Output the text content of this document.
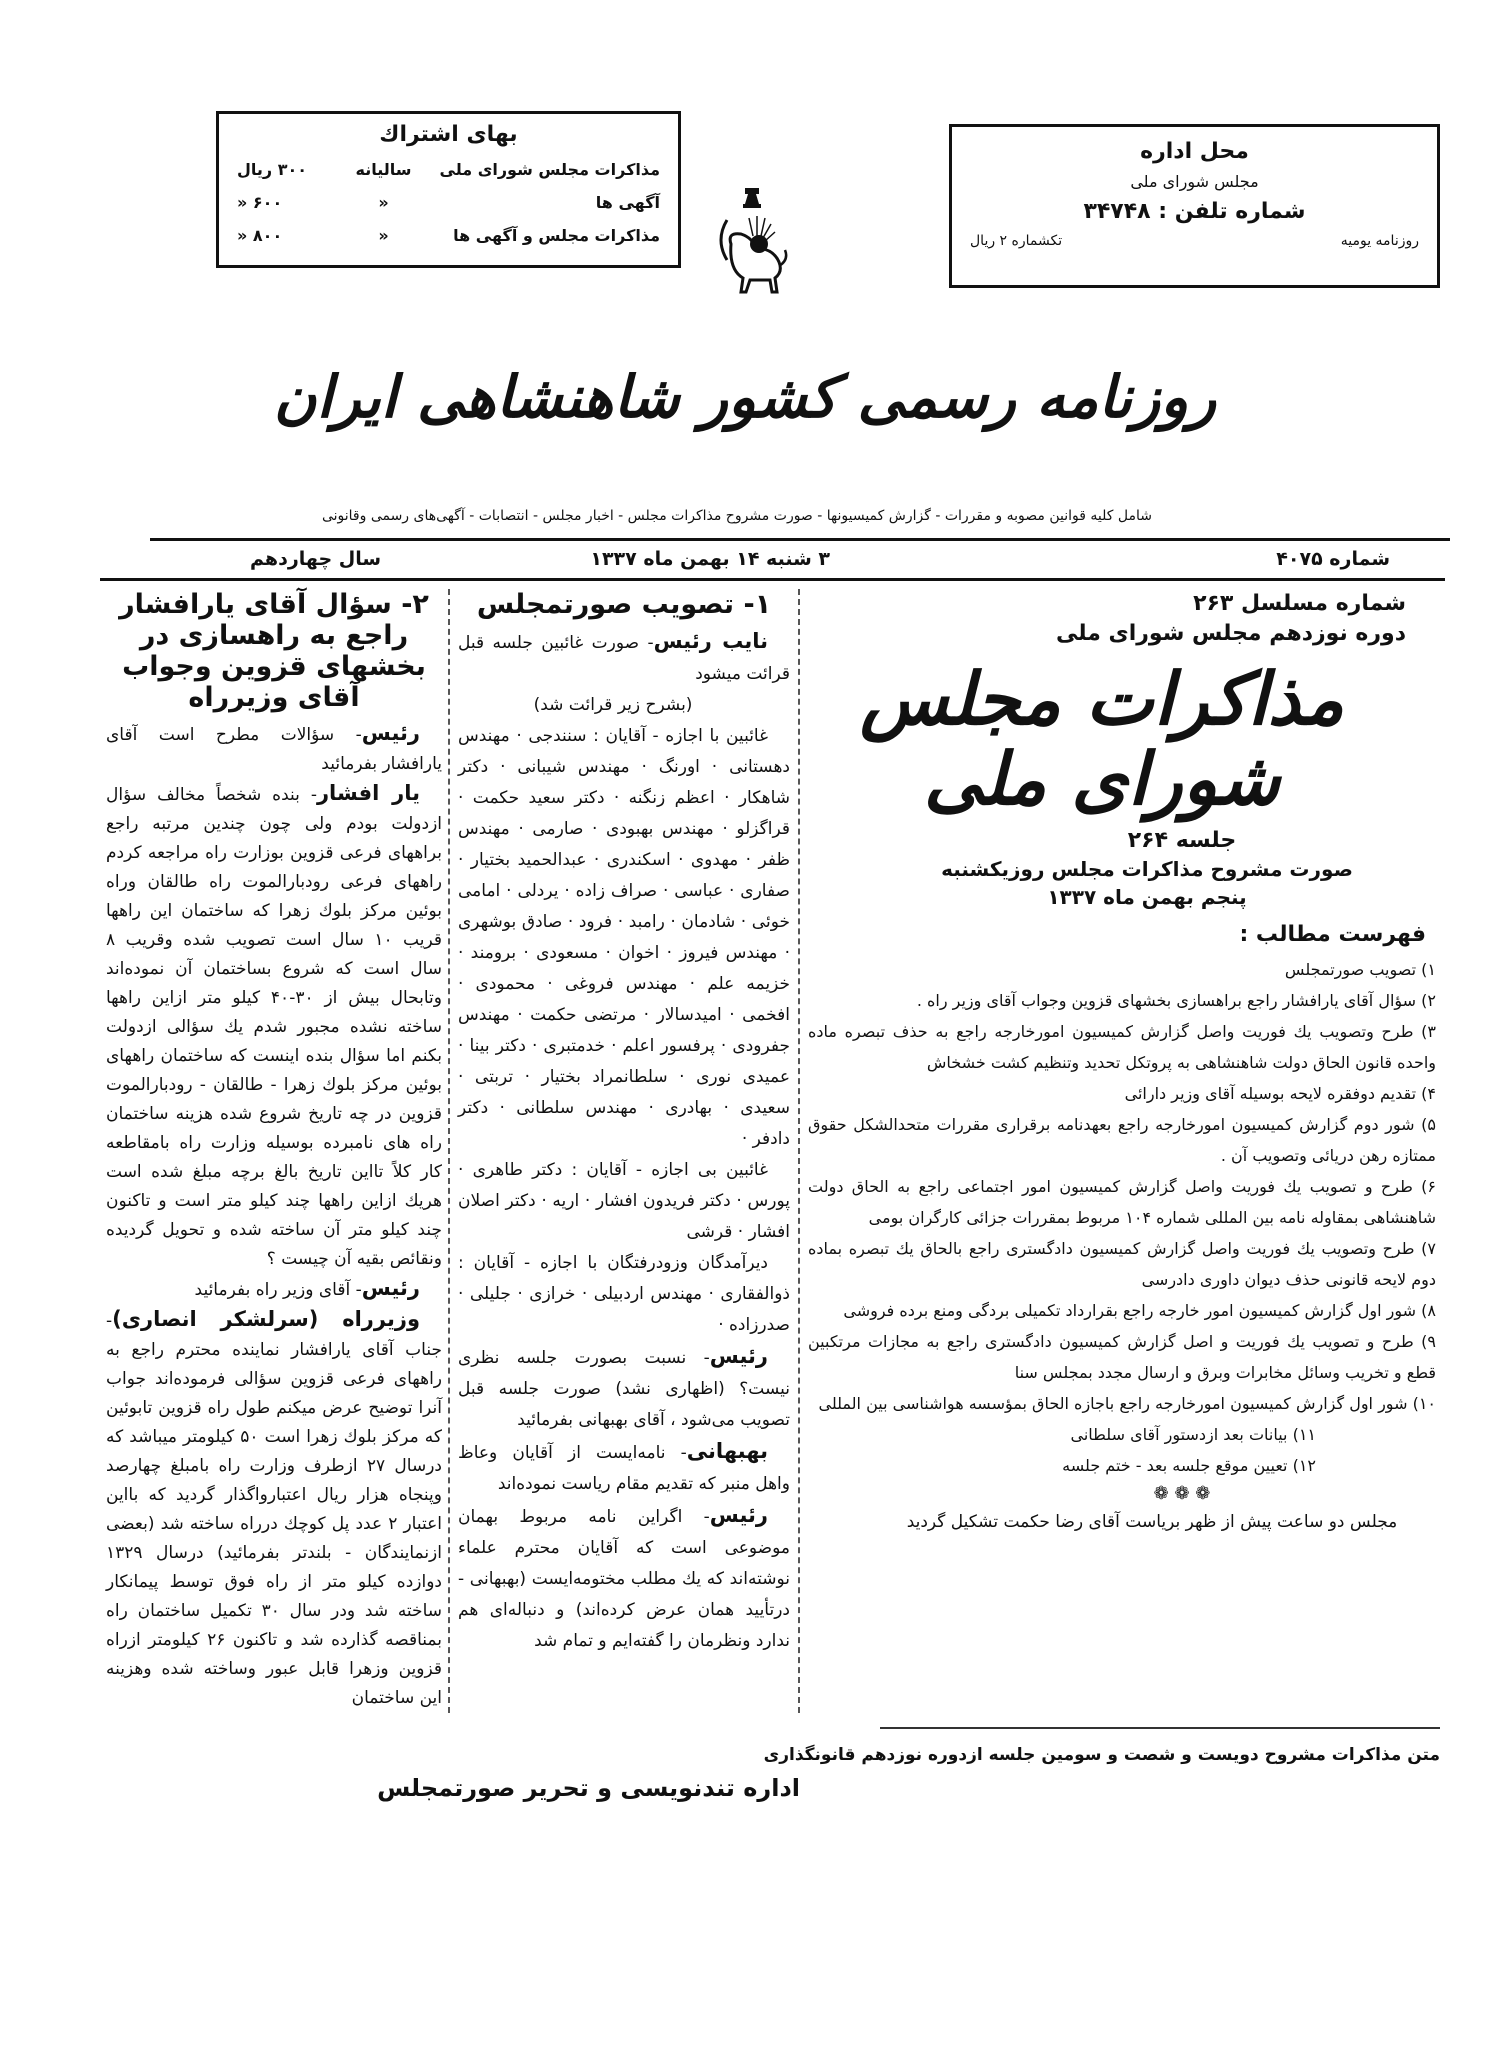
بهای اشتراك
مذاکرات مجلس شورای ملی
سالیانه
۳۰۰ ریال
آگهی ها
«
۶۰۰ «
مذاکرات مجلس و آگهی ها
«
۸۰۰ «
محل اداره
مجلس شورای ملی
شماره تلفن : ۳۴۷۴۸
روزنامه یومیه
تکشماره ۲ ریال
روزنامه رسمی کشور شاهنشاهی ایران
شامل کلیه قوانین مصوبه و مقررات - گزارش کمیسیونها - صورت مشروح مذاکرات مجلس - اخبار مجلس - انتصابات - آگهی‌های رسمی وقانونی
شماره ۴۰۷۵
۳ شنبه ۱۴ بهمن ماه ۱۳۳۷
سال چهاردهم
شماره مسلسل ۲۶۳
دوره نوزدهم مجلس شورای ملی
مذاکرات مجلس شورای ملی
جلسه ۲۶۴
صورت مشروح مذاکرات مجلس روزیکشنبه پنجم بهمن ماه ۱۳۳۷
فهرست مطالب :

۱) تصویب صورتمجلس

۲) سؤال آقای یارافشار راجع براهسازی بخشهای قزوین وجواب آقای وزیر راه .

۳) طرح وتصویب یك فوریت واصل گزارش کمیسیون امورخارجه راجع به حذف تبصره ماده واحده قانون الحاق دولت شاهنشاهی به پروتکل تحدید وتنظیم کشت خشخاش

۴) تقدیم دوفقره لایحه بوسیله آقای وزیر دارائی

۵) شور دوم گزارش کمیسیون امورخارجه راجع بعهدنامه برقراری مقررات متحدالشکل حقوق ممتازه رهن دریائی وتصویب آن .

۶) طرح و تصویب یك فوریت واصل گزارش کمیسیون امور اجتماعی راجع به الحاق دولت شاهنشاهی بمقاوله نامه بین المللی شماره ۱۰۴ مربوط بمقررات جزائی کارگران بومی

۷) طرح وتصویب یك فوریت واصل گزارش کمیسیون دادگستری راجع بالحاق یك تبصره بماده دوم لایحه قانونی حذف دیوان داوری دادرسی

۸) شور اول گزارش کمیسیون امور خارجه راجع بقرارداد تکمیلی بردگی ومنع برده فروشی

۹) طرح و تصویب یك فوریت و اصل گزارش کمیسیون دادگستری راجع به مجازات مرتکبین قطع و تخریب وسائل مخابرات وبرق و ارسال مجدد بمجلس سنا

۱۰) شور اول گزارش کمیسیون امورخارجه راجع باجازه الحاق بمؤسسه هواشناسی بین المللی

۱۱) بیانات بعد ازدستور آقای سلطانی

۱۲) تعیین موقع جلسه بعد - ختم جلسه

❁ ❁ ❁
مجلس دو ساعت پیش از ظهر بریاست آقای رضا حکمت تشکیل گردید
۱- تصویب صورتمجلس

نایب رئیس- صورت غائبین جلسه قبل قرائت میشود

(بشرح زیر قرائت شد)

غائبین با اجازه - آقایان : سنندجی · مهندس دهستانی · اورنگ · مهندس شیبانی · دکتر شاهکار · اعظم زنگنه · دکتر سعید حکمت · قراگزلو · مهندس بهبودی · صارمی · مهندس ظفر · مهدوی · اسکندری · عبدالحمید بختیار · صفاری · عباسی · صراف زاده · یردلی · امامی خوئی · شادمان · رامبد · فرود · صادق بوشهری · مهندس فیروز · اخوان · مسعودی · برومند · خزیمه علم · مهندس فروغی · محمودی · افخمی · امیدسالار · مرتضی حکمت · مهندس جفرودی · پرفسور اعلم · خدمتبری · دکتر بینا · عمیدی نوری · سلطانمراد بختیار · تربتی · سعیدی · بهادری · مهندس سلطانی · دکتر دادفر ·

غائبین بی اجازه - آقایان : دکتر طاهری · پورس · دکتر فریدون افشار · اریه · دکتر اصلان افشار · قرشی

دیرآمدگان وزودرفتگان با اجازه - آقایان : ذوالفقاری · مهندس اردبیلی · خرازی · جلیلی · صدرزاده ·

رئیس- نسبت بصورت جلسه نظری نیست؟ (اظهاری نشد) صورت جلسه قبل تصویب می‌شود ، آقای بهبهانی بفرمائید

بهبهانی- نامه‌ایست از آقایان وعاظ واهل منبر که تقدیم مقام ریاست نموده‌اند

رئیس- اگراین نامه مربوط بهمان موضوعی است که آقایان محترم علماء نوشته‌اند که یك مطلب مختومه‌ایست (بهبهانی - درتأیید همان عرض کرده‌اند) و دنباله‌ای هم ندارد ونظرمان را گفته‌ایم و تمام شد

۲- سؤال آقای یارافشار راجع به راهسازی در بخشهای قزوین وجواب آقای وزیرراه

رئیس- سؤالات مطرح است آقای یارافشار بفرمائید

یار افشار- بنده شخصاً مخالف سؤال ازدولت بودم ولی چون چندین مرتبه راجع براههای فرعی قزوین بوزارت راه مراجعه کردم راههای فرعی رودبارالموت راه طالقان وراه بوئین مرکز بلوك زهرا که ساختمان این راهها قریب ۱۰ سال است تصویب شده وقریب ۸ سال است که شروع بساختمان آن نموده‌اند وتابحال بیش از ۳۰-۴۰ کیلو متر ازاین راهها ساخته نشده مجبور شدم یك سؤالی ازدولت بکنم اما سؤال بنده اینست که ساختمان راههای بوئین مرکز بلوك زهرا - طالقان - رودبارالموت قزوین در چه تاریخ شروع شده هزینه ساختمان راه های نامبرده بوسیله وزارت راه بامقاطعه کار کلاً تااین تاریخ بالغ برچه مبلغ شده است هریك ازاین راهها چند کیلو متر است و تاکنون چند کیلو متر آن ساخته شده و تحویل گردیده ونقائص بقیه آن چیست ؟

رئیس- آقای وزیر راه بفرمائید

وزیرراه (سرلشکر انصاری)- جناب آقای یارافشار نماینده محترم راجع به راههای فرعی قزوین سؤالی فرموده‌اند جواب آنرا توضیح عرض میکنم طول راه قزوین تابوئین که مرکز بلوك زهرا است ۵۰ کیلومتر میباشد که درسال ۲۷ ازطرف وزارت راه بامبلغ چهارصد وپنجاه هزار ریال اعتبارواگذار گردید که بااین اعتبار ۲ عدد پل کوچك درراه ساخته شد (بعضی ازنمایندگان - بلندتر بفرمائید) درسال ۱۳۲۹ دوازده کیلو متر از راه فوق توسط پیمانکار ساخته شد ودر سال ۳۰ تکمیل ساختمان راه بمناقصه گذارده شد و تاکنون ۲۶ کیلومتر ازراه قزوین وزهرا قابل عبور وساخته شده وهزینه این ساختمان

متن مذاکرات مشروح دویست و شصت و سومین جلسه ازدوره نوزدهم قانونگذاری
اداره تندنویسی و تحریر صورتمجلس
